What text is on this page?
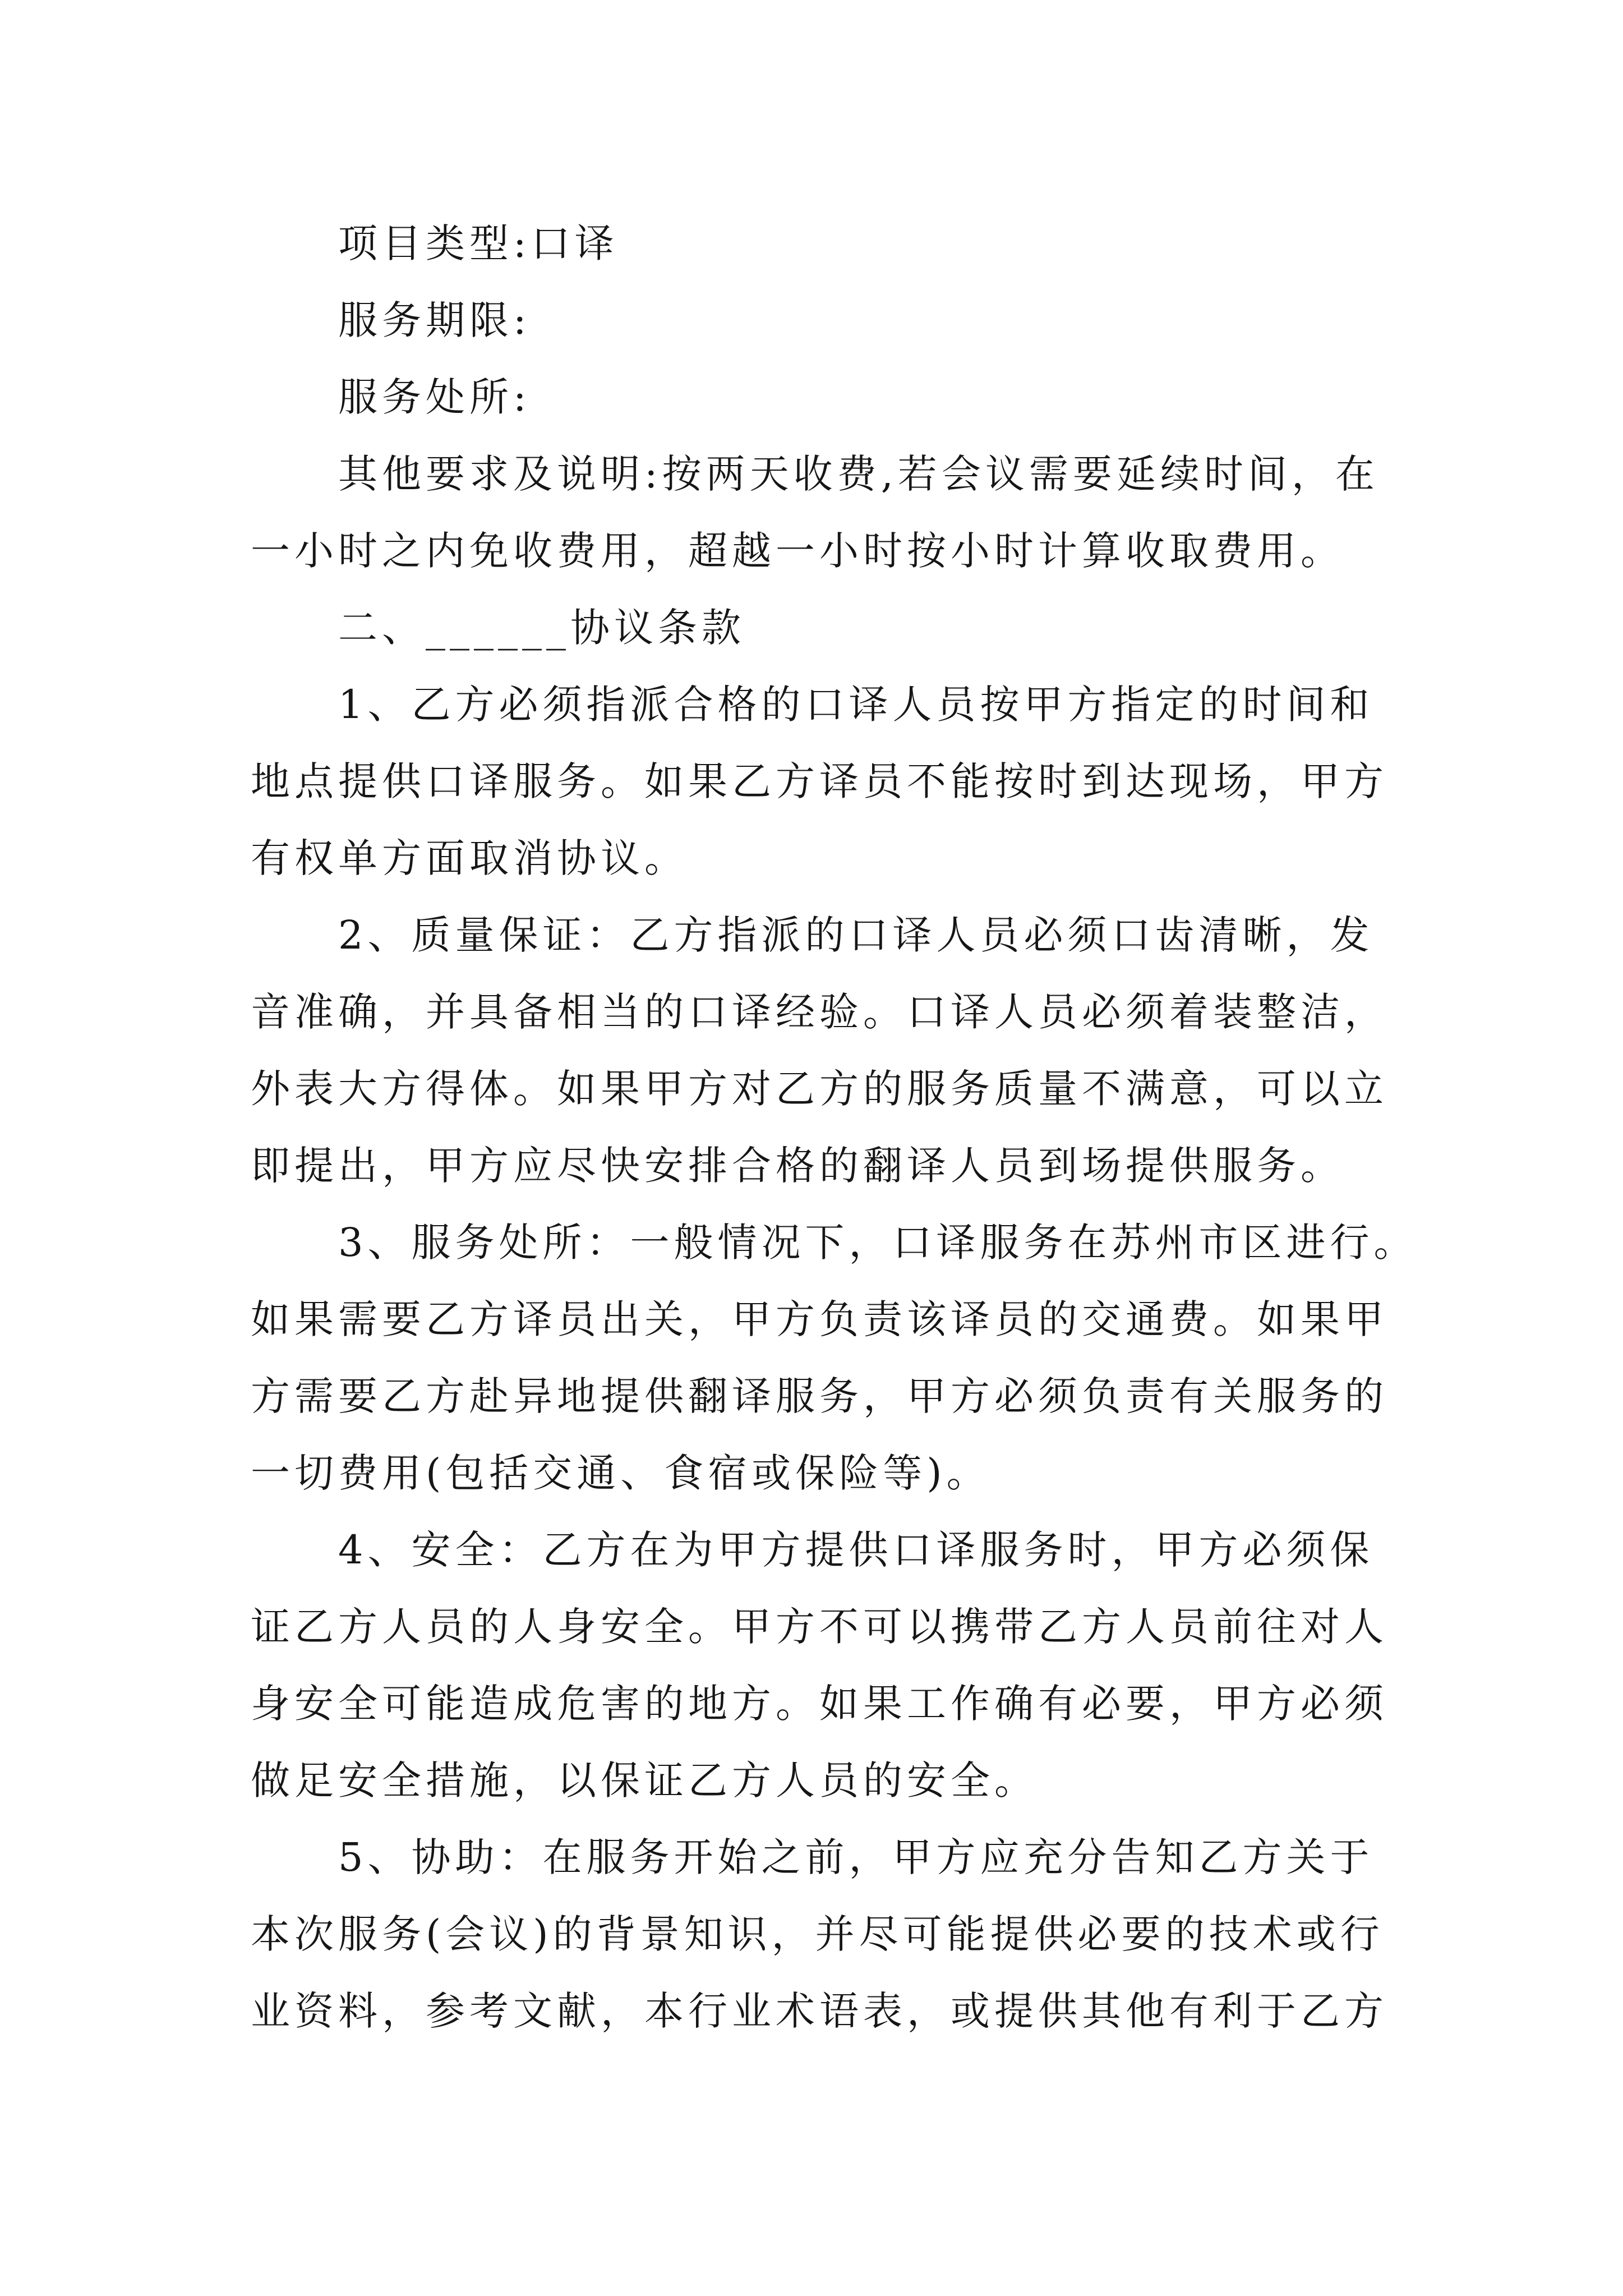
项目类型:口译
服务期限:
服务处所:
其他要求及说明:按两天收费,若会议需要延续时间，在
一小时之内免收费用，超越一小时按小时计算收取费用。
二、______协议条款
1、乙方必须指派合格的口译人员按甲方指定的时间和
地点提供口译服务。如果乙方译员不能按时到达现场，甲方
有权单方面取消协议。
2、质量保证：乙方指派的口译人员必须口齿清晰，发
音准确，并具备相当的口译经验。口译人员必须着装整洁，
外表大方得体。如果甲方对乙方的服务质量不满意，可以立
即提出，甲方应尽快安排合格的翻译人员到场提供服务。
3、服务处所：一般情况下，口译服务在苏州市区进行。
如果需要乙方译员出关，甲方负责该译员的交通费。如果甲
方需要乙方赴异地提供翻译服务，甲方必须负责有关服务的
一切费用(包括交通、食宿或保险等)。
4、安全：乙方在为甲方提供口译服务时，甲方必须保
证乙方人员的人身安全。甲方不可以携带乙方人员前往对人
身安全可能造成危害的地方。如果工作确有必要，甲方必须
做足安全措施，以保证乙方人员的安全。
5、协助：在服务开始之前，甲方应充分告知乙方关于
本次服务(会议)的背景知识，并尽可能提供必要的技术或行
业资料，参考文献，本行业术语表，或提供其他有利于乙方
